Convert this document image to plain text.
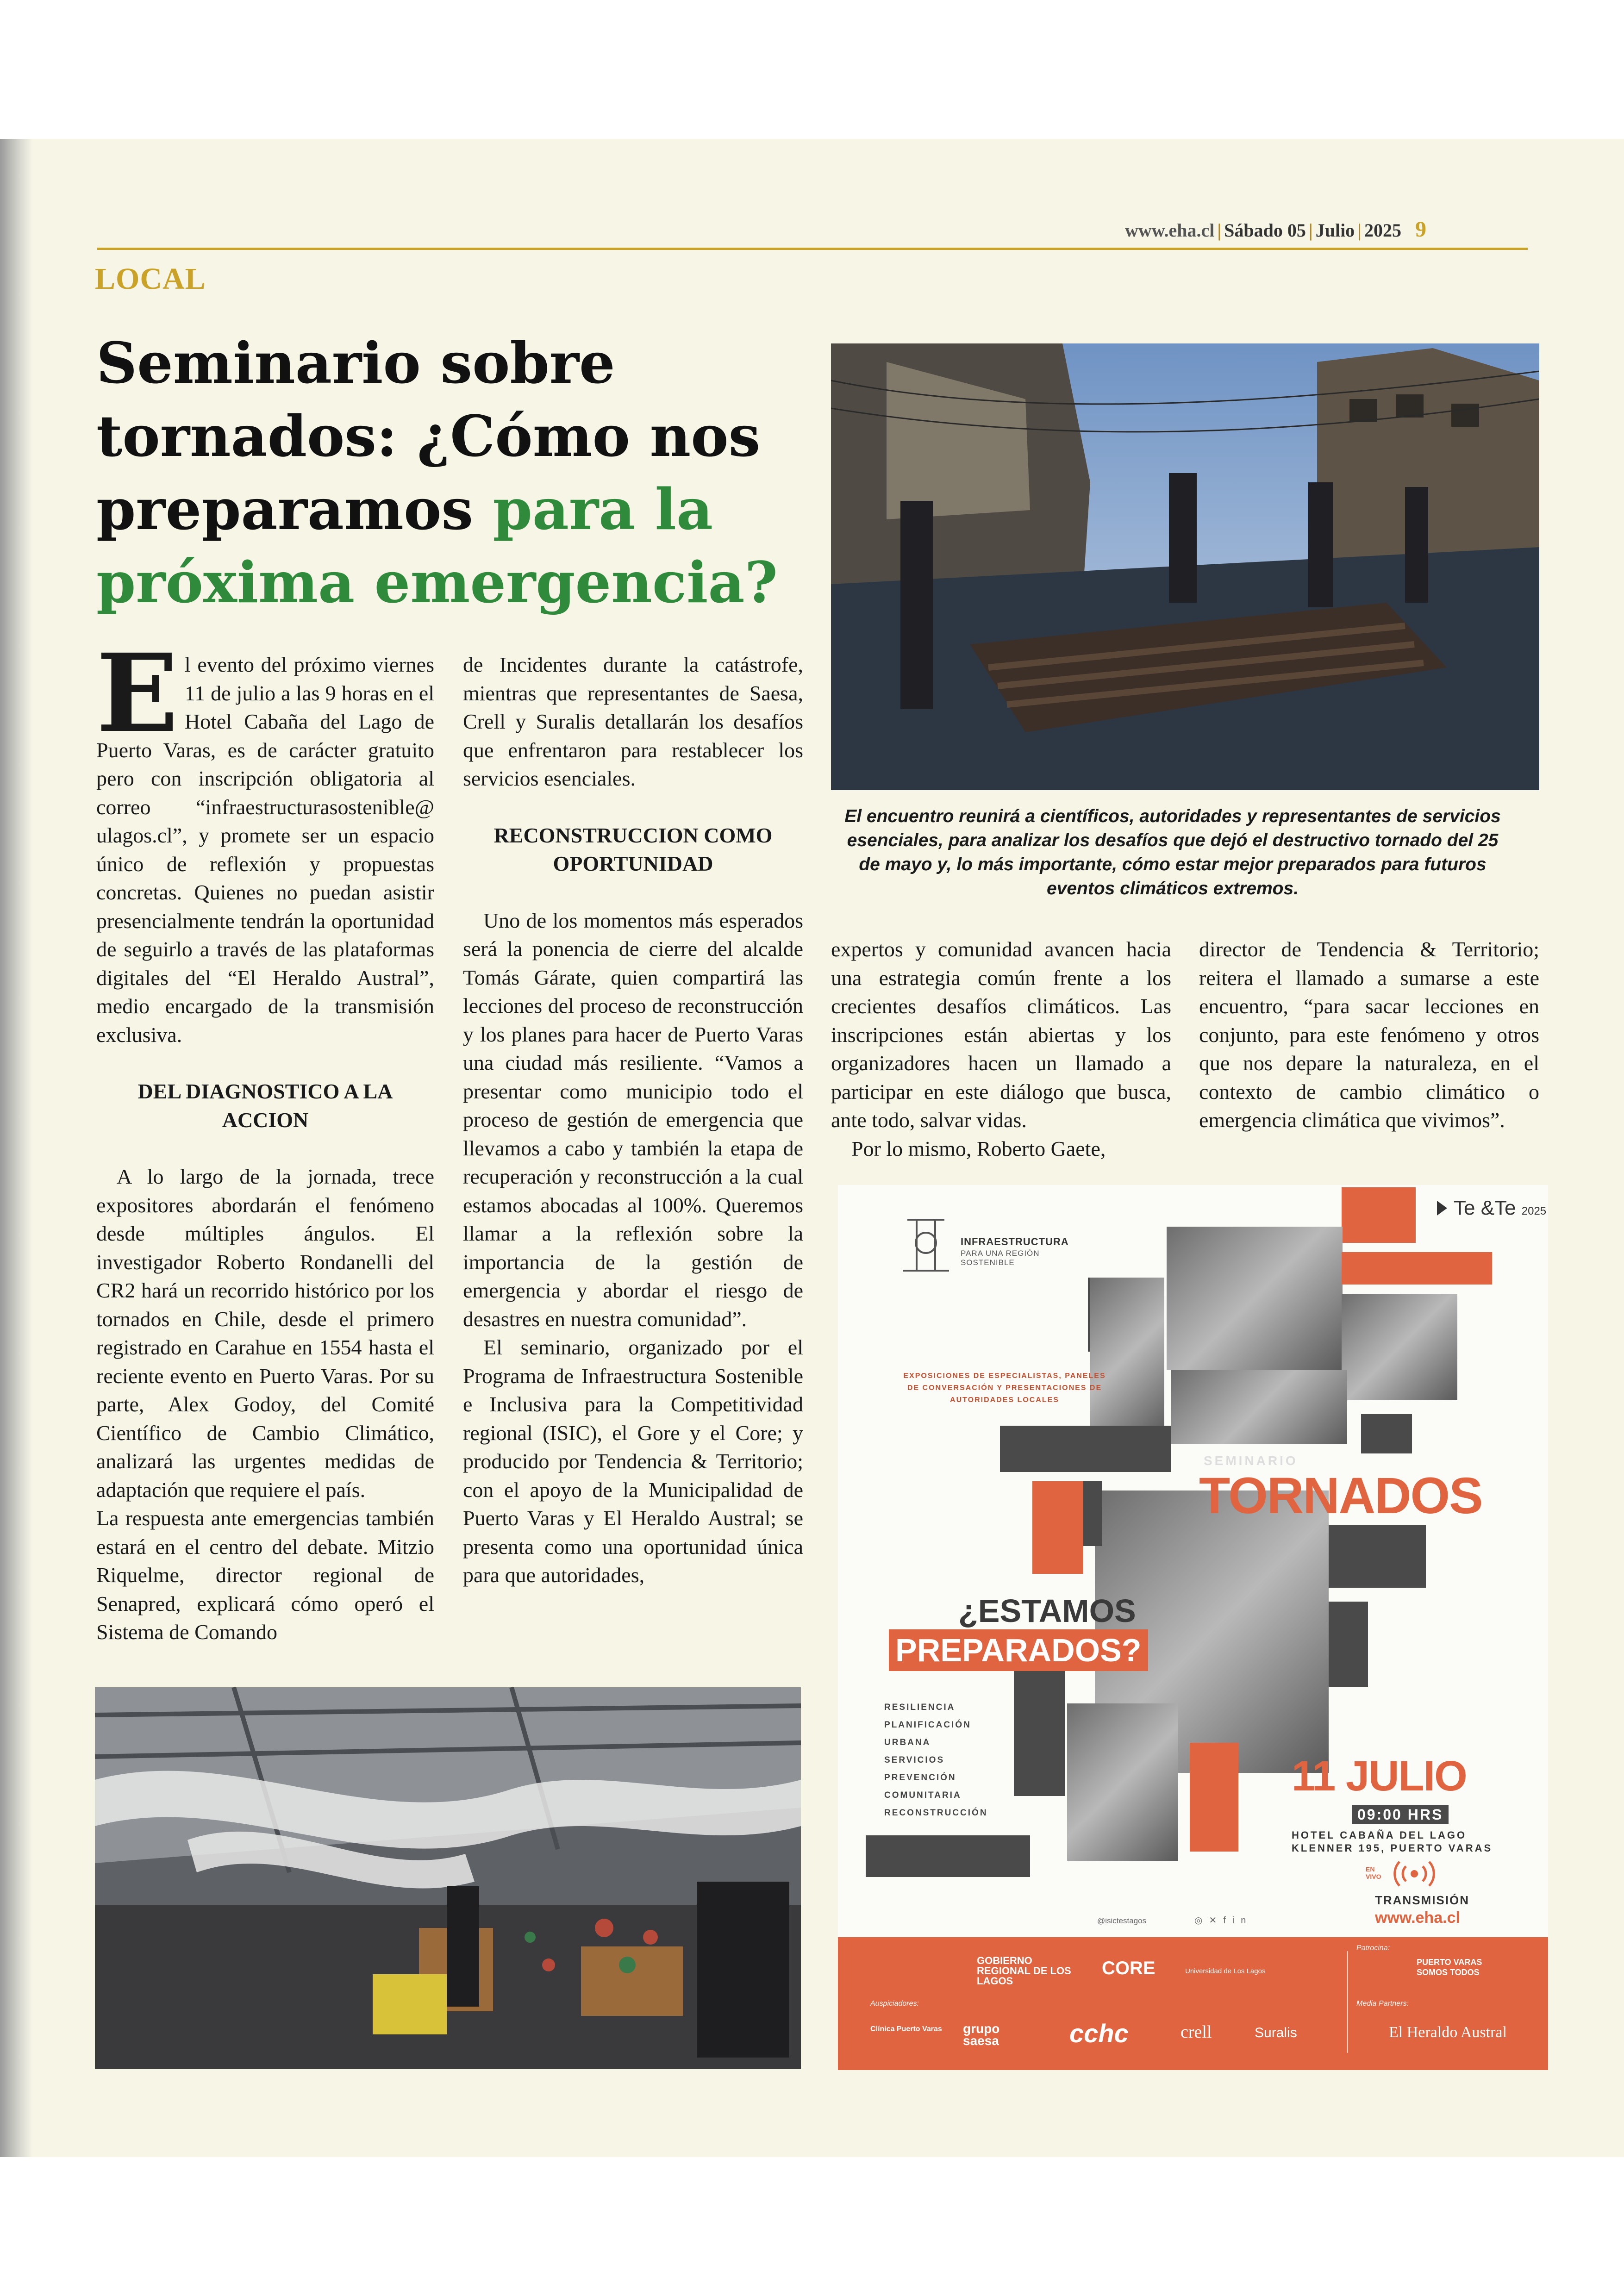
www.eha.cl | Sábado 05 | Julio | 2025 9
LOCAL
Seminario sobre tornados: ¿Cómo nos preparamos para la próxima emergencia?
El encuentro reunirá a científicos, autoridades y representantes de servicios esenciales, para analizar los desafíos que dejó el destructivo tornado del 25 de mayo y, lo más importante, cómo estar mejor preparados para futuros eventos climáticos extremos.

El evento del próximo viernes 11 de julio a las 9 horas en el Hotel Cabaña del Lago de Puerto Varas, es de carácter gratuito pero con inscripción obligatoria al correo “infraestructurasostenible@ ulagos.cl”, y promete ser un espacio único de reflexión y propuestas concretas. Quienes no puedan asistir presencialmente tendrán la oportunidad de seguirlo a través de las plataformas digitales del “El Heraldo Austral”, medio encargado de la transmisión exclusiva.

DEL DIAGNOSTICO A LA ACCION

A lo largo de la jornada, trece expositores abordarán el fenómeno desde múltiples ángulos. El investigador Roberto Rondanelli del CR2 hará un recorrido histórico por los tornados en Chile, desde el primero registrado en Carahue en 1554 hasta el reciente evento en Puerto Varas. Por su parte, Alex Godoy, del Comité Científico de Cambio Climático, analizará las urgentes medidas de adaptación que requiere el país.

La respuesta ante emergencias también estará en el centro del debate. Mitzio Riquelme, director regional de Senapred, explicará cómo operó el Sistema de Comando

de Incidentes durante la catástrofe, mientras que representantes de Saesa, Crell y Suralis detallarán los desafíos que enfrentaron para restablecer los servicios esenciales.

RECONSTRUCCION COMO OPORTUNIDAD

Uno de los momentos más esperados será la ponencia de cierre del alcalde Tomás Gárate, quien compartirá las lecciones del proceso de reconstrucción y los planes para hacer de Puerto Varas una ciudad más resiliente. “Vamos a presentar como municipio todo el proceso de gestión de emergencia que llevamos a cabo y también la etapa de recuperación y reconstrucción a la cual estamos abocadas al 100%. Queremos llamar a la reflexión sobre la importancia de la gestión de emergencia y abordar el riesgo de desastres en nuestra comunidad”.

El seminario, organizado por el Programa de Infraestructura Sostenible e Inclusiva para la Competitividad regional (ISIC), el Gore y el Core; y producido por Tendencia & Territorio; con el apoyo de la Municipalidad de Puerto Varas y El Heraldo Austral; se presenta como una oportunidad única para que autoridades,

expertos y comunidad avancen hacia una estrategia común frente a los crecientes desafíos climáticos. Las inscripciones están abiertas y los organizadores hacen un llamado a participar en este diálogo que busca, ante todo, salvar vidas.

Por lo mismo, Roberto Gaete,

director de Tendencia & Territorio; reitera el llamado a sumarse a este encuentro, “para sacar lecciones en conjunto, para este fenómeno y otros que nos depare la naturaleza, en el contexto de cambio climático o emergencia climática que vivimos”.

INFRAESTRUCTURA
PARA UNA REGIÓN SOSTENIBLE
Te &Te 2025
EXPOSICIONES DE ESPECIALISTAS, PANELES DE CONVERSACIÓN Y PRESENTACIONES DE AUTORIDADES LOCALES
SEMINARIO
TORNADOS
¿ESTAMOS
PREPARADOS?
RESILIENCIA
PLANIFICACIÓN
URBANA
SERVICIOS
PREVENCIÓN
COMUNITARIA
RECONSTRUCCIÓN
11 JULIO
09:00 HRS
HOTEL CABAÑA DEL LAGO
KLENNER 195, PUERTO VARAS
EN VIVO
TRANSMISIÓN
www.eha.cl
@isictestagos	◎✕fin
Patrocina:
GOBIERNO REGIONAL DE LOS LAGOS
CORE	Universidad de Los Lagos
PUERTO VARAS SOMOS TODOS
Auspiciadores:	Media Partners:
Clínica Puerto Varas	grupo saesa	cchc	crell	Suralis	El Heraldo Austral
